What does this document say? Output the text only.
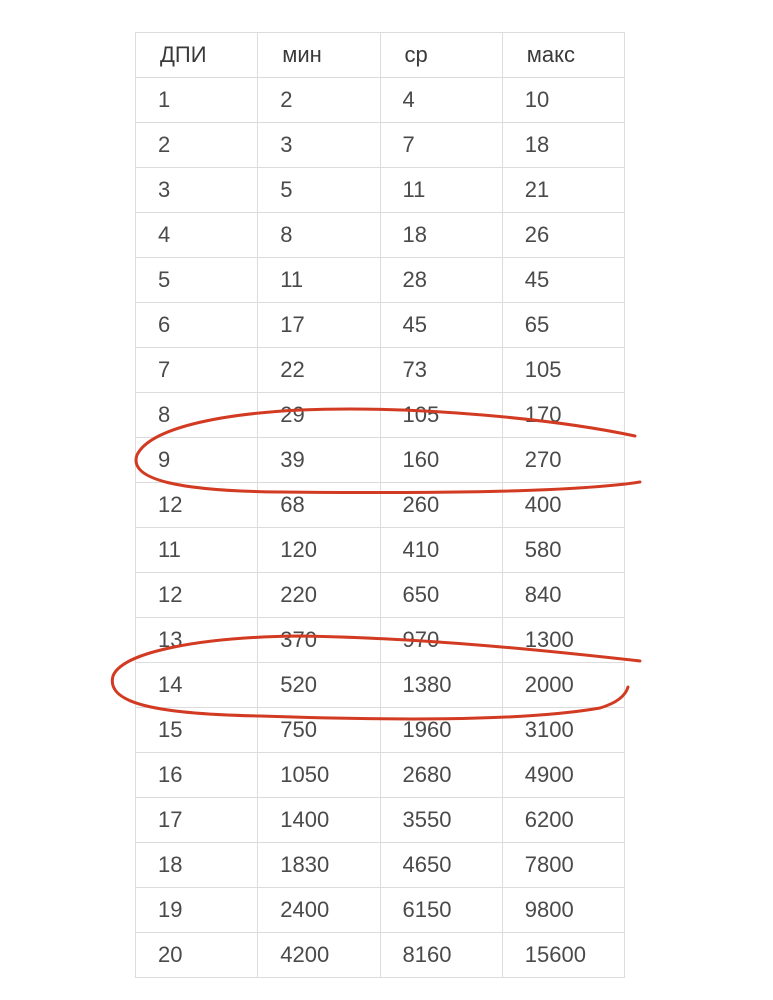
ДПИ	мин	ср	макс
1	2	4	10
2	3	7	18
3	5	11	21
4	8	18	26
5	11	28	45
6	17	45	65
7	22	73	105
8	29	105	170
9	39	160	270
12	68	260	400
11	120	410	580
12	220	650	840
13	370	970	1300
14	520	1380	2000
15	750	1960	3100
16	1050	2680	4900
17	1400	3550	6200
18	1830	4650	7800
19	2400	6150	9800
20	4200	8160	15600
